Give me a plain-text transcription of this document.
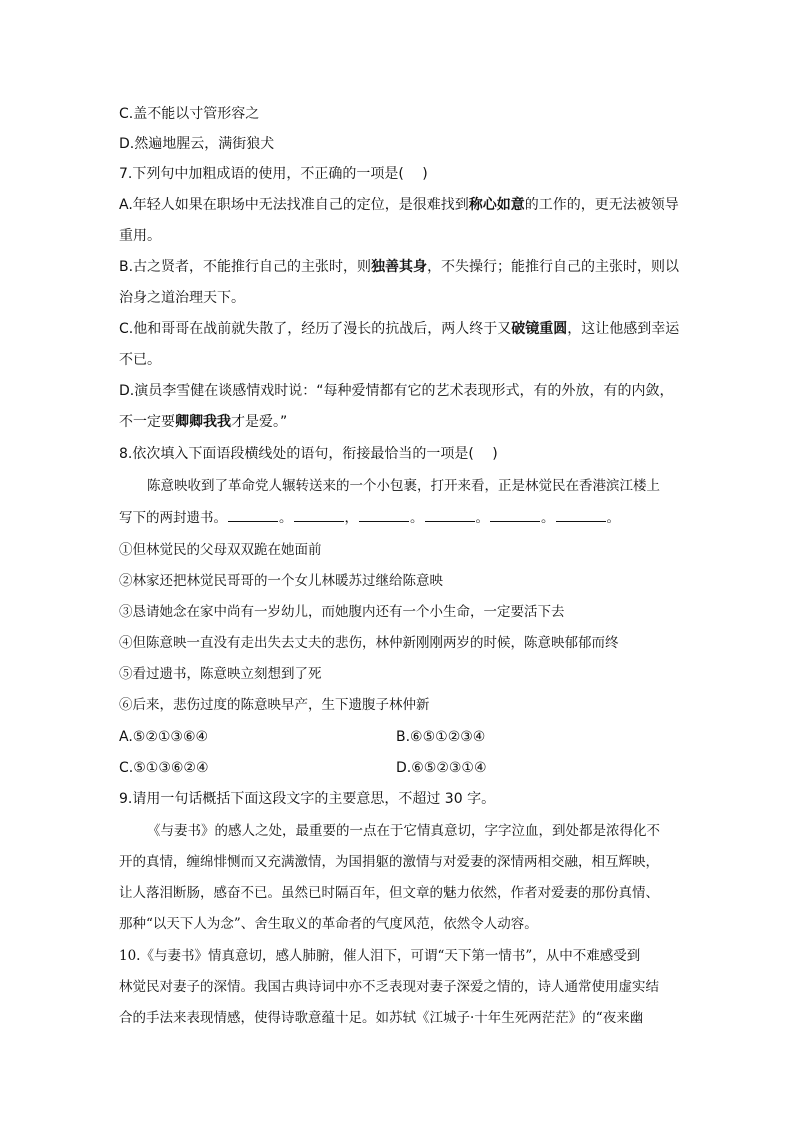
C.盖不能以寸管形容之
D.然遍地腥云，满街狼犬
7.下列句中加粗成语的使用，不正确的一项是(　 )
A.年轻人如果在职场中无法找准自己的定位，是很难找到称心如意的工作的，更无法被领导
重用。
B.古之贤者，不能推行自己的主张时，则独善其身，不失操行；能推行自己的主张时，则以
治身之道治理天下。
C.他和哥哥在战前就失散了，经历了漫长的抗战后，两人终于又破镜重圆，这让他感到幸运
不已。
D.演员李雪健在谈感情戏时说：“每种爱情都有它的艺术表现形式，有的外放，有的内敛，
不一定要卿卿我我才是爱。”
8.依次填入下面语段横线处的语句，衔接最恰当的一项是(　 )
陈意映收到了革命党人辗转送来的一个小包裹，打开来看，正是林觉民在香港滨江楼上
写下的两封遗书。	。	，	。	。	。	。
①但林觉民的父母双双跪在她面前
②林家还把林觉民哥哥的一个女儿林暖苏过继给陈意映
③恳请她念在家中尚有一岁幼儿，而她腹内还有一个小生命，一定要活下去
④但陈意映一直没有走出失去丈夫的悲伤，林仲新刚刚两岁的时候，陈意映郁郁而终
⑤看过遗书，陈意映立刻想到了死
⑥后来，悲伤过度的陈意映早产，生下遗腹子林仲新
A.⑤②①③⑥④	B.⑥⑤①②③④
C.⑤①③⑥②④	D.⑥⑤②③①④
9.请用一句话概括下面这段文字的主要意思，不超过 30 字。
《与妻书》的感人之处，最重要的一点在于它情真意切，字字泣血，到处都是浓得化不
开的真情，缠绵悱恻而又充满激情，为国捐躯的激情与对爱妻的深情两相交融，相互辉映，
让人落泪断肠，感奋不已。虽然已时隔百年，但文章的魅力依然，作者对爱妻的那份真情、
那种“以天下人为念”、舍生取义的革命者的气度风范，依然令人动容。
10.《与妻书》情真意切，感人肺腑，催人泪下，可谓“天下第一情书”，从中不难感受到
林觉民对妻子的深情。我国古典诗词中亦不乏表现对妻子深爱之情的，诗人通常使用虚实结
合的手法来表现情感，使得诗歌意蕴十足。如苏轼《江城子·十年生死两茫茫》的“夜来幽
